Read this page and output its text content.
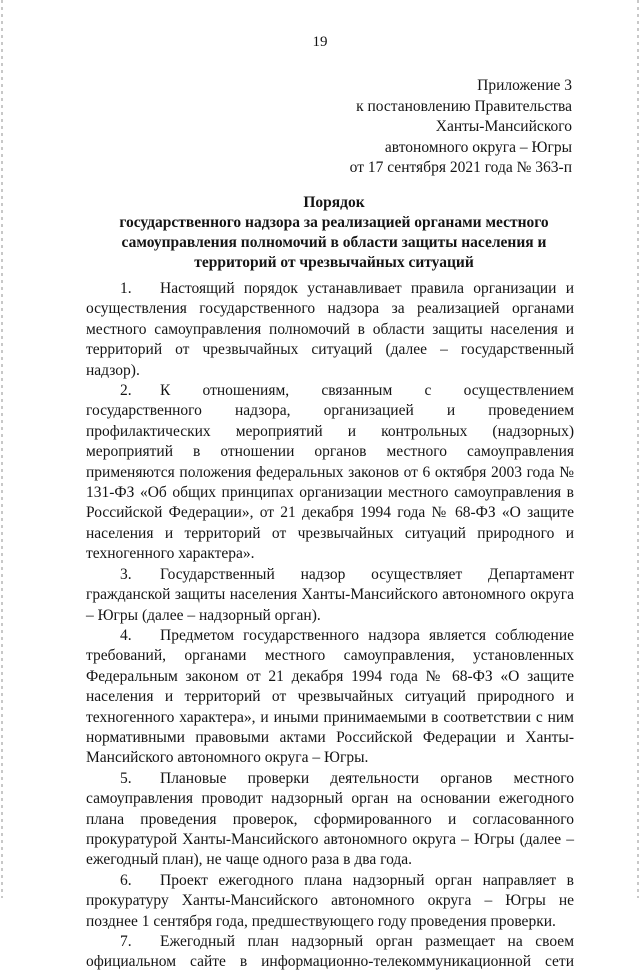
19
Приложение 3
к постановлению Правительства
Ханты-Мансийского
автономного округа – Югры
от 17 сентября 2021 года № 363-п
Порядок
государственного надзора за реализацией органами местного
самоуправления полномочий в области защиты населения и
территорий от чрезвычайных ситуаций

1. Настоящий порядок устанавливает правила организации и осуществления государственного надзора за реализацией органами местного самоуправления полномочий в области защиты населения и территорий от чрезвычайных ситуаций (далее – государственный надзор).

2. К отношениям, связанным с осуществлением государственного надзора, организацией и проведением профилактических мероприятий и контрольных (надзорных) мероприятий в отношении органов местного самоуправления применяются положения федеральных законов от 6 октября 2003 года № 131-ФЗ «Об общих принципах организации местного самоуправления в Российской Федерации», от 21 декабря 1994 года № 68-ФЗ «О защите населения и территорий от чрезвычайных ситуаций природного и техногенного характера».

3. Государственный надзор осуществляет Департамент гражданской защиты населения Ханты-Мансийского автономного округа – Югры (далее – надзорный орган).

4. Предметом государственного надзора является соблюдение требований, органами местного самоуправления, установленных Федеральным законом от 21 декабря 1994 года № 68-ФЗ «О защите населения и территорий от чрезвычайных ситуаций природного и техногенного характера», и иными принимаемыми в соответствии с ним нормативными правовыми актами Российской Федерации и Ханты-Мансийского автономного округа – Югры.

5. Плановые проверки деятельности органов местного самоуправления проводит надзорный орган на основании ежегодного плана проведения проверок, сформированного и согласованного прокуратурой Ханты-Мансийского автономного округа – Югры (далее – ежегодный план), не чаще одного раза в два года.

6. Проект ежегодного плана надзорный орган направляет в прокуратуру Ханты-Мансийского автономного округа – Югры не позднее 1 сентября года, предшествующего году проведения проверки.

7. Ежегодный план надзорный орган размещает на своем официальном сайте в информационно-телекоммуникационной сети
